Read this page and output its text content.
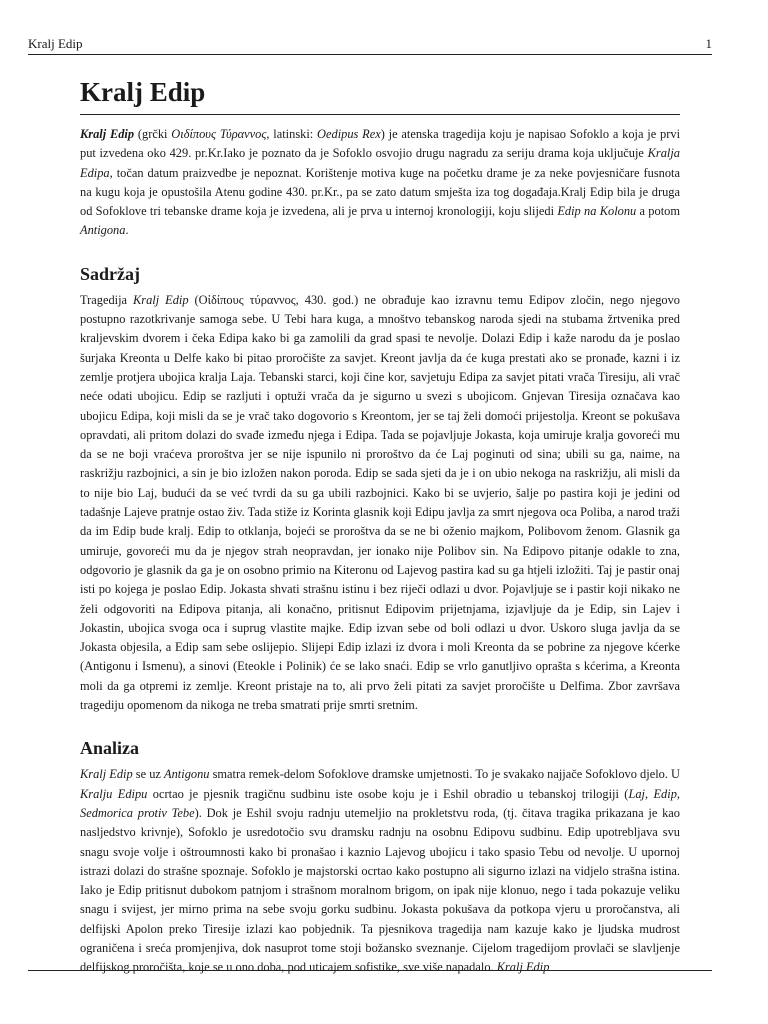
Kralj Edip	1
Kralj Edip

Kralj Edip (grčki Οιδίπους Τύραννος, latinski: Oedipus Rex) je atenska tragedija koju je napisao Sofoklo a koja je prvi put izvedena oko 429. pr.Kr.Iako je poznato da je Sofoklo osvojio drugu nagradu za seriju drama koja uključuje Kralja Edipa, točan datum praizvedbe je nepoznat. Korištenje motiva kuge na početku drame je za neke povjesničare fusnota na kugu koja je opustošila Atenu godine 430. pr.Kr., pa se zato datum smješta iza tog događaja.Kralj Edip bila je druga od Sofoklove tri tebanske drame koja je izvedena, ali je prva u internoj kronologiji, koju slijedi Edip na Kolonu a potom Antigona.

Sadržaj

Tragedija Kralj Edip (Οἰδίπους τύραννος, 430. god.) ne obrađuje kao izravnu temu Edipov zločin, nego njegovo postupno razotkrivanje samoga sebe. U Tebi hara kuga, a mnoštvo tebanskog naroda sjedi na stubama žrtvenika pred kraljevskim dvorem i čeka Edipa kako bi ga zamolili da grad spasi te nevolje. Dolazi Edip i kaže narodu da je poslao šurjaka Kreonta u Delfe kako bi pitao proročište za savjet. Kreont javlja da će kuga prestati ako se pronađe, kazni i iz zemlje protjera ubojica kralja Laja. Tebanski starci, koji čine kor, savjetuju Edipa za savjet pitati vrača Tiresiju, ali vrač neće odati ubojicu. Edip se razljuti i optuži vrača da je sigurno u svezi s ubojicom. Gnjevan Tiresija označava kao ubojicu Edipa, koji misli da se je vrač tako dogovorio s Kreontom, jer se taj želi domoći prijestolja. Kreont se pokušava opravdati, ali pritom dolazi do svađe između njega i Edipa. Tada se pojavljuje Jokasta, koja umiruje kralja govoreći mu da se ne boji vraćeva proroštva jer se nije ispunilo ni proroštvo da će Laj poginuti od sina; ubili su ga, naime, na raskrižju razbojnici, a sin je bio izložen nakon poroda. Edip se sada sjeti da je i on ubio nekoga na raskrižju, ali misli da to nije bio Laj, budući da se već tvrdi da su ga ubili razbojnici. Kako bi se uvjerio, šalje po pastira koji je jedini od tadašnje Lajeve pratnje ostao živ. Tada stiže iz Korinta glasnik koji Edipu javlja za smrt njegova oca Poliba, a narod traži da im Edip bude kralj. Edip to otklanja, bojeći se proroštva da se ne bi oženio majkom, Polibovom ženom. Glasnik ga umiruje, govoreći mu da je njegov strah neopravdan, jer ionako nije Polibov sin. Na Edipovo pitanje odakle to zna, odgovorio je glasnik da ga je on osobno primio na Kiteronu od Lajevog pastira kad su ga htjeli izložiti. Taj je pastir onaj isti po kojega je poslao Edip. Jokasta shvati strašnu istinu i bez riječi odlazi u dvor. Pojavljuje se i pastir koji nikako ne želi odgovoriti na Edipova pitanja, ali konačno, pritisnut Edipovim prijetnjama, izjavljuje da je Edip, sin Lajev i Jokastin, ubojica svoga oca i suprug vlastite majke. Edip izvan sebe od boli odlazi u dvor. Uskoro sluga javlja da se Jokasta objesila, a Edip sam sebe oslijepio. Slijepi Edip izlazi iz dvora i moli Kreonta da se pobrine za njegove kćerke (Antigonu i Ismenu), a sinovi (Eteokle i Polinik) će se lako snaći. Edip se vrlo ganutljivo oprašta s kćerima, a Kreonta moli da ga otpremi iz zemlje. Kreont pristaje na to, ali prvo želi pitati za savjet proročište u Delfima. Zbor završava tragediju opomenom da nikoga ne treba smatrati prije smrti sretnim.

Analiza

Kralj Edip se uz Antigonu smatra remek-delom Sofoklove dramske umjetnosti. To je svakako najjače Sofoklovo djelo. U Kralju Edipu ocrtao je pjesnik tragičnu sudbinu iste osobe koju je i Eshil obradio u tebanskoj trilogiji (Laj, Edip, Sedmorica protiv Tebe). Dok je Eshil svoju radnju utemeljio na prokletstvu roda, (tj. čitava tragika prikazana je kao nasljedstvo krivnje), Sofoklo je usredotočio svu dramsku radnju na osobnu Edipovu sudbinu. Edip upotrebljava svu snagu svoje volje i oštroumnosti kako bi pronašao i kaznio Lajevog ubojicu i tako spasio Tebu od nevolje. U upornoj istrazi dolazi do strašne spoznaje. Sofoklo je majstorski ocrtao kako postupno ali sigurno izlazi na vidjelo strašna istina. Iako je Edip pritisnut dubokom patnjom i strašnom moralnom brigom, on ipak nije klonuo, nego i tada pokazuje veliku snagu i svijest, jer mirno prima na sebe svoju gorku sudbinu. Jokasta pokušava da potkopa vjeru u proročanstva, ali delfijski Apolon preko Tiresije izlazi kao pobjednik. Ta pjesnikova tragedija nam kazuje kako je ljudska mudrost ograničena i sreća promjenjiva, dok nasuprot tome stoji božansko sveznanje. Cijelom tragedijom provlači se slavljenje delfijskog proročišta, koje se u ono doba, pod uticajem sofistike, sve više napadalo. Kralj Edip
